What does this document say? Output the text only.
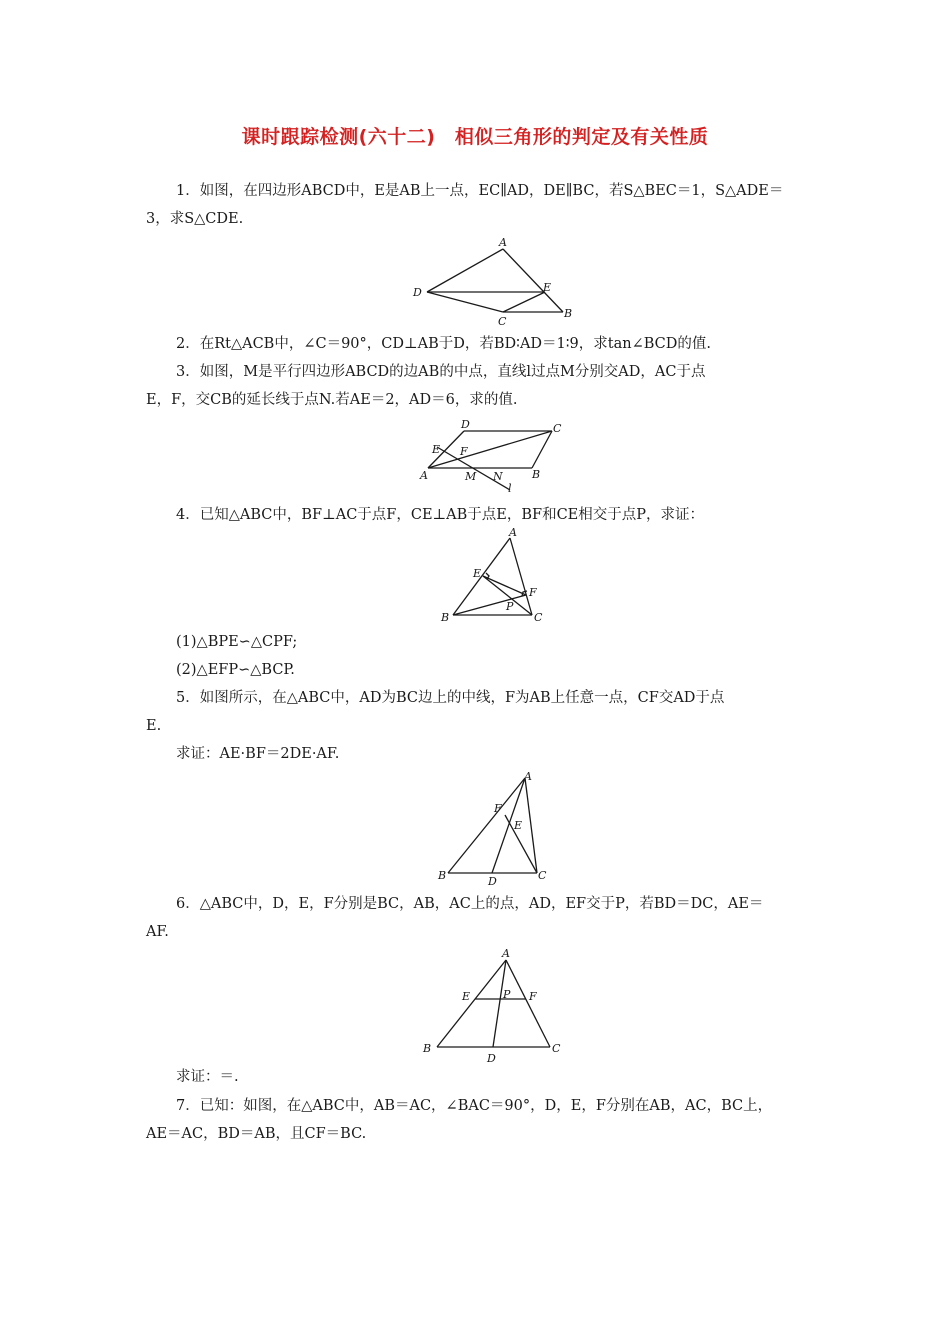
课时跟踪检测(六十二)　相似三角形的判定及有关性质
1．如图，在四边形ABCD中，E是AB上一点，EC∥AD，DE∥BC，若S△BEC＝1，S△ADE＝
3，求S△CDE.
A
D	E
C
B
2．在Rt△ACB中，∠C＝90°，CD⊥AB于D，若BD∶AD＝1∶9，求tan∠BCD的值.
3．如图，M是平行四边形ABCD的边AB的中点，直线l过点M分别交AD，AC于点
E，F，交CB的延长线于点N.若AE＝2，AD＝6，求的值.
D	C
E F
A	M N	B
l
4．已知△ABC中，BF⊥AC于点F，CE⊥AB于点E，BF和CE相交于点P，求证：
A
E
F
P
B	C
(1)△BPE∽△CPF;
(2)△EFP∽△BCP.
5．如图所示，在△ABC中，AD为BC边上的中线，F为AB上任意一点，CF交AD于点
E.
求证：AE·BF＝2DE·AF.
A
F
E
B	D	C
6．△ABC中，D，E，F分别是BC，AB，AC上的点，AD，EF交于P，若BD＝DC，AE＝
AF.
A
E	P F
B
D
C
求证：＝.
7．已知：如图，在△ABC中，AB＝AC，∠BAC＝90°，D，E，F分别在AB，AC，BC上，
AE＝AC，BD＝AB，且CF＝BC.
